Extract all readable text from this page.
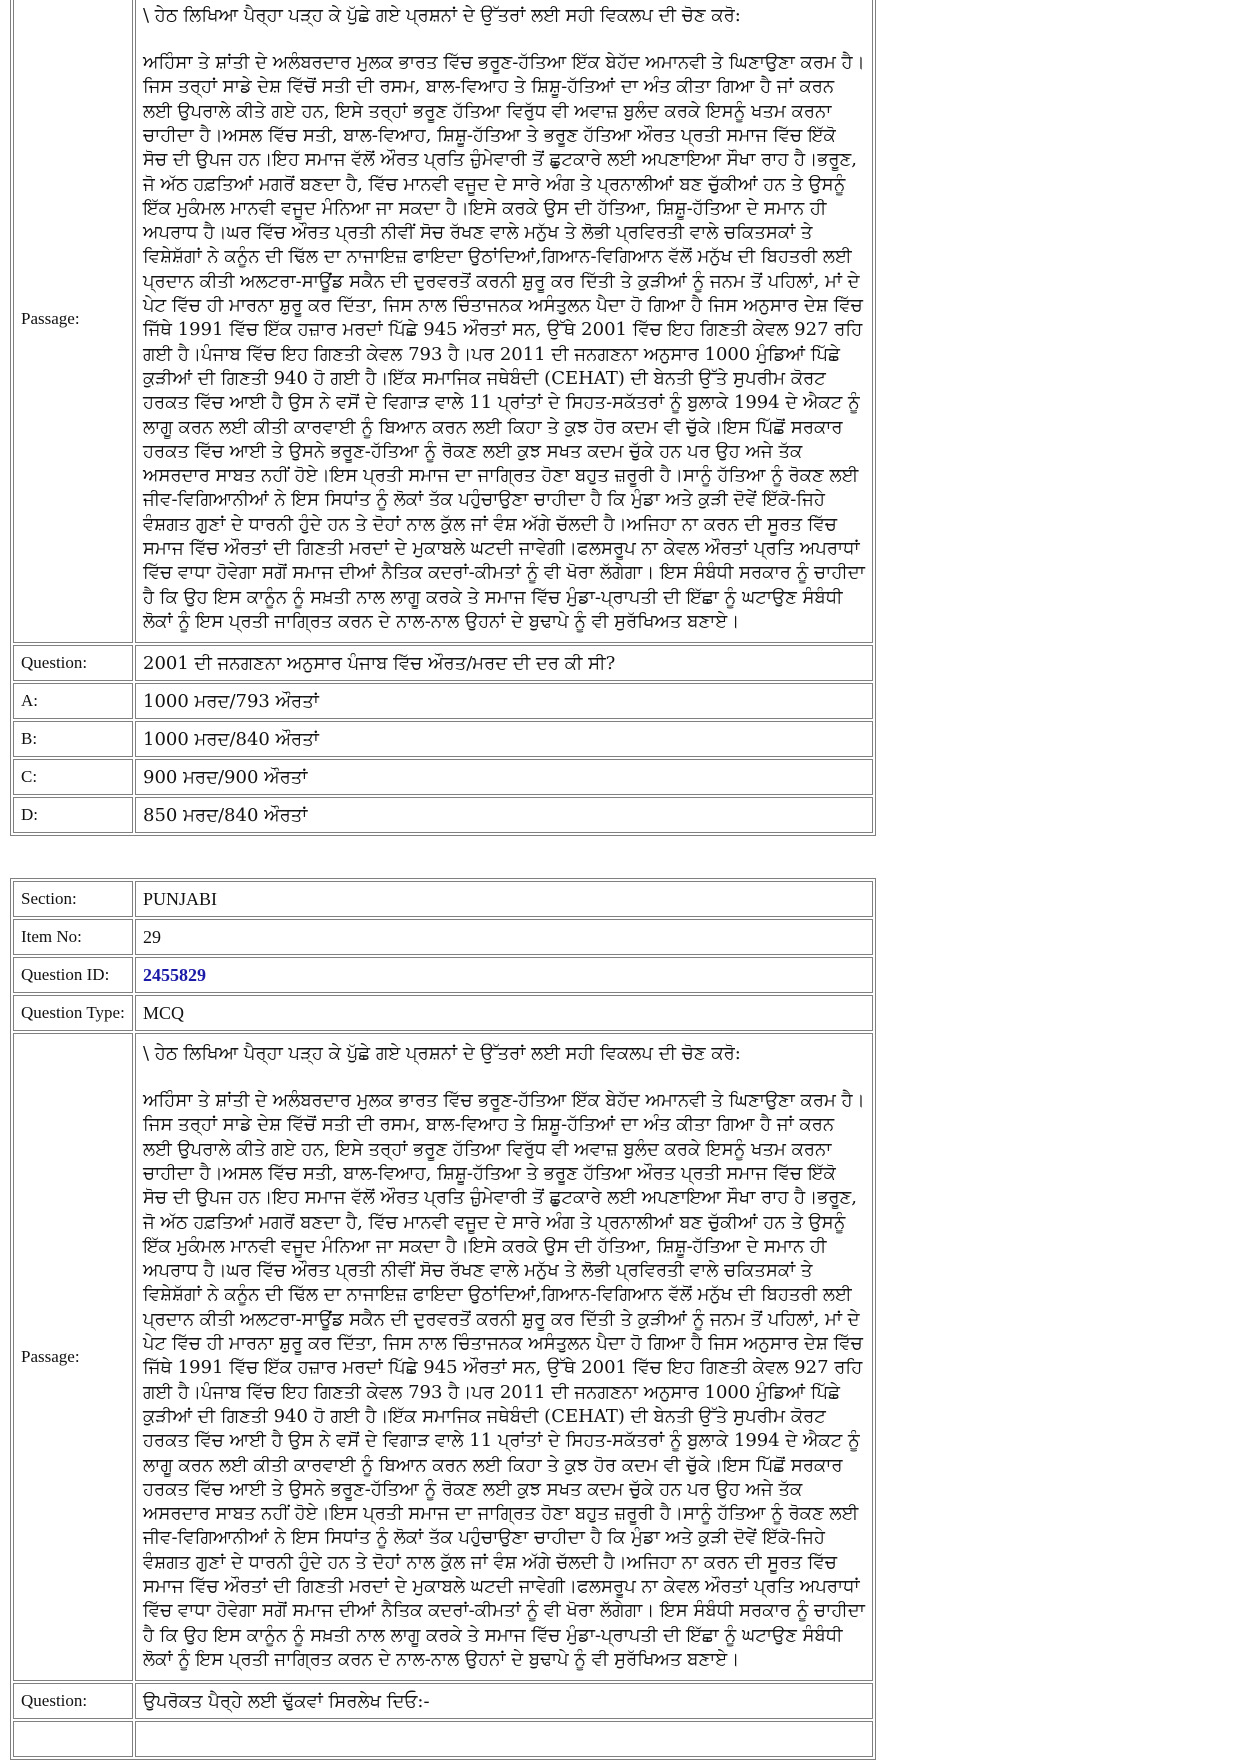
Passage:	\ ਹੇਠ ਲਿਖਿਆ ਪੈਰ੍ਹਾ ਪੜ੍ਹ ਕੇ ਪੁੱਛੇ ਗਏ ਪ੍ਰਸ਼ਨਾਂ ਦੇ ਉੱਤਰਾਂ ਲਈ ਸਹੀ ਵਿਕਲਪ ਦੀ ਚੋਣ ਕਰੋ:
ਅਹਿੰਸਾ ਤੇ ਸ਼ਾਂਤੀ ਦੇ ਅਲੰਬਰਦਾਰ ਮੁਲਕ ਭਾਰਤ ਵਿੱਚ ਭਰੂਣ-ਹੱਤਿਆ ਇੱਕ ਬੇਹੱਦ ਅਮਾਨਵੀ ਤੇ ਘਿਣਾਉਣਾ ਕਰਮ ਹੈ।ਜਿਸ ਤਰ੍ਹਾਂ ਸਾਡੇ ਦੇਸ਼ ਵਿੱਚੋਂ ਸਤੀ ਦੀ ਰਸਮ, ਬਾਲ-ਵਿਆਹ ਤੇ ਸ਼ਿਸ਼ੂ-ਹੱਤਿਆਂ ਦਾ ਅੰਤ ਕੀਤਾ ਗਿਆ ਹੈ ਜਾਂ ਕਰਨ ਲਈ ਉਪਰਾਲੇ ਕੀਤੇ ਗਏ ਹਨ, ਇਸੇ ਤਰ੍ਹਾਂ ਭਰੂਣ ਹੱਤਿਆ ਵਿਰੁੱਧ ਵੀ ਅਵਾਜ਼ ਬੁਲੰਦ ਕਰਕੇ ਇਸਨੂੰ ਖਤਮ ਕਰਨਾ ਚਾਹੀਦਾ ਹੈ।ਅਸਲ ਵਿੱਚ ਸਤੀ, ਬਾਲ-ਵਿਆਹ, ਸ਼ਿਸ਼ੂ-ਹੱਤਿਆ ਤੇ ਭਰੂਣ ਹੱਤਿਆ ਔਰਤ ਪ੍ਰਤੀ ਸਮਾਜ ਵਿੱਚ ਇੱਕੋ ਸੋਚ ਦੀ ਉਪਜ ਹਨ।ਇਹ ਸਮਾਜ ਵੱਲੋਂ ਔਰਤ ਪ੍ਰਤਿ ਜ਼ੁੰਮੇਵਾਰੀ ਤੋਂ ਛੁਟਕਾਰੇ ਲਈ ਅਪਣਾਇਆ ਸੌਖਾ ਰਾਹ ਹੈ।ਭਰੂਣ, ਜੋ ਅੱਠ ਹਫ਼ਤਿਆਂ ਮਗਰੋਂ ਬਣਦਾ ਹੈ, ਵਿੱਚ ਮਾਨਵੀ ਵਜੂਦ ਦੇ ਸਾਰੇ ਅੰਗ ਤੇ ਪ੍ਰਨਾਲੀਆਂ ਬਣ ਚੁੱਕੀਆਂ ਹਨ ਤੇ ਉਸਨੂੰ ਇੱਕ ਮੁਕੰਮਲ ਮਾਨਵੀ ਵਜੂਦ ਮੰਨਿਆ ਜਾ ਸਕਦਾ ਹੈ।ਇਸੇ ਕਰਕੇ ਉਸ ਦੀ ਹੱਤਿਆ, ਸ਼ਿਸ਼ੂ-ਹੱਤਿਆ ਦੇ ਸਮਾਨ ਹੀ ਅਪਰਾਧ ਹੈ।ਘਰ ਵਿੱਚ ਔਰਤ ਪ੍ਰਤੀ ਨੀਵੀਂ ਸੋਚ ਰੱਖਣ ਵਾਲੇ ਮਨੁੱਖ ਤੇ ਲੋਭੀ ਪ੍ਰਵਿਰਤੀ ਵਾਲੇ ਚਕਿਤਸਕਾਂ ਤੇ ਵਿਸ਼ੇਸ਼ੱਗਾਂ ਨੇ ਕਨੂੰਨ ਦੀ ਢਿੱਲ ਦਾ ਨਾਜਾਇਜ਼ ਫਾਇਦਾ ਉਠਾਂਦਿਆਂ,ਗਿਆਨ-ਵਿਗਿਆਨ ਵੱਲੋਂ ਮਨੁੱਖ ਦੀ ਬਿਹਤਰੀ ਲਈ ਪ੍ਰਦਾਨ ਕੀਤੀ ਅਲਟਰਾ-ਸਾਊਂਡ ਸਕੈਨ ਦੀ ਦੁਰਵਰਤੋਂ ਕਰਨੀ ਸ਼ੁਰੂ ਕਰ ਦਿੱਤੀ ਤੇ ਕੁੜੀਆਂ ਨੂੰ ਜਨਮ ਤੋਂ ਪਹਿਲਾਂ, ਮਾਂ ਦੇ ਪੇਟ ਵਿੱਚ ਹੀ ਮਾਰਨਾ ਸ਼ੁਰੂ ਕਰ ਦਿੱਤਾ, ਜਿਸ ਨਾਲ ਚਿੰਤਾਜਨਕ ਅਸੰਤੁਲਨ ਪੈਦਾ ਹੋ ਗਿਆ ਹੈ ਜਿਸ ਅਨੁਸਾਰ ਦੇਸ਼ ਵਿੱਚ ਜਿੱਥੇ 1991 ਵਿੱਚ ਇੱਕ ਹਜ਼ਾਰ ਮਰਦਾਂ ਪਿੱਛੇ 945 ਔਰਤਾਂ ਸਨ, ਉੱਥੇ 2001 ਵਿੱਚ ਇਹ ਗਿਣਤੀ ਕੇਵਲ 927 ਰਹਿ ਗਈ ਹੈ।ਪੰਜਾਬ ਵਿੱਚ ਇਹ ਗਿਣਤੀ ਕੇਵਲ 793 ਹੈ।ਪਰ 2011 ਦੀ ਜਨਗਣਨਾ ਅਨੁਸਾਰ 1000 ਮੁੰਡਿਆਂ ਪਿੱਛੇ ਕੁੜੀਆਂ ਦੀ ਗਿਣਤੀ 940 ਹੋ ਗਈ ਹੈ।ਇੱਕ ਸਮਾਜਿਕ ਜਥੇਬੰਦੀ (CEHAT) ਦੀ ਬੇਨਤੀ ਉੱਤੇ ਸੁਪਰੀਮ ਕੋਰਟ ਹਰਕਤ ਵਿੱਚ ਆਈ ਹੈ ਉਸ ਨੇ ਵਸੋਂ ਦੇ ਵਿਗਾੜ ਵਾਲੇ 11 ਪ੍ਰਾਂਤਾਂ ਦੇ ਸਿਹਤ-ਸਕੱਤਰਾਂ ਨੂੰ ਬੁਲਾਕੇ 1994 ਦੇ ਐਕਟ ਨੂੰ ਲਾਗੂ ਕਰਨ ਲਈ ਕੀਤੀ ਕਾਰਵਾਈ ਨੂੰ ਬਿਆਨ ਕਰਨ ਲਈ ਕਿਹਾ ਤੇ ਕੁਝ ਹੋਰ ਕਦਮ ਵੀ ਚੁੱਕੇ।ਇਸ ਪਿੱਛੋਂ ਸਰਕਾਰ ਹਰਕਤ ਵਿੱਚ ਆਈ ਤੇ ਉਸਨੇ ਭਰੂਣ-ਹੱਤਿਆ ਨੂੰ ਰੋਕਣ ਲਈ ਕੁਝ ਸਖਤ ਕਦਮ ਚੁੱਕੇ ਹਨ ਪਰ ਉਹ ਅਜੇ ਤੱਕ ਅਸਰਦਾਰ ਸਾਬਤ ਨਹੀਂ ਹੋਏ।ਇਸ ਪ੍ਰਤੀ ਸਮਾਜ ਦਾ ਜਾਗ੍ਰਿਤ ਹੋਣਾ ਬਹੁਤ ਜ਼ਰੂਰੀ ਹੈ।ਸਾਨੂੰ ਹੱਤਿਆ ਨੂੰ ਰੋਕਣ ਲਈ ਜੀਵ-ਵਿਗਿਆਨੀਆਂ ਨੇ ਇਸ ਸਿਧਾਂਤ ਨੂੰ ਲੋਕਾਂ ਤੱਕ ਪਹੁੰਚਾਉਣਾ ਚਾਹੀਦਾ ਹੈ ਕਿ ਮੁੰਡਾ ਅਤੇ ਕੁੜੀ ਦੋਵੇਂ ਇੱਕੋ-ਜਿਹੇ ਵੰਸ਼ਗਤ ਗੁਣਾਂ ਦੇ ਧਾਰਨੀ ਹੁੰਦੇ ਹਨ ਤੇ ਦੋਹਾਂ ਨਾਲ ਕੁੱਲ ਜਾਂ ਵੰਸ਼ ਅੱਗੇ ਚੱਲਦੀ ਹੈ।ਅਜਿਹਾ ਨਾ ਕਰਨ ਦੀ ਸੂਰਤ ਵਿੱਚ ਸਮਾਜ ਵਿੱਚ ਔਰਤਾਂ ਦੀ ਗਿਣਤੀ ਮਰਦਾਂ ਦੇ ਮੁਕਾਬਲੇ ਘਟਦੀ ਜਾਵੇਗੀ।ਫਲਸਰੂਪ ਨਾ ਕੇਵਲ ਔਰਤਾਂ ਪ੍ਰਤਿ ਅਪਰਾਧਾਂ ਵਿੱਚ ਵਾਧਾ ਹੋਵੇਗਾ ਸਗੋਂ ਸਮਾਜ ਦੀਆਂ ਨੈਤਿਕ ਕਦਰਾਂ-ਕੀਮਤਾਂ ਨੂੰ ਵੀ ਖੋਰਾ ਲੱਗੇਗਾ। ਇਸ ਸੰਬੰਧੀ ਸਰਕਾਰ ਨੂੰ ਚਾਹੀਦਾ ਹੈ ਕਿ ਉਹ ਇਸ ਕਾਨੂੰਨ ਨੂੰ ਸਖ਼ਤੀ ਨਾਲ ਲਾਗੂ ਕਰਕੇ ਤੇ ਸਮਾਜ ਵਿੱਚ ਮੁੰਡਾ-ਪ੍ਰਾਪਤੀ ਦੀ ਇੱਛਾ ਨੂੰ ਘਟਾਉਣ ਸੰਬੰਧੀ ਲੋਕਾਂ ਨੂੰ ਇਸ ਪ੍ਰਤੀ ਜਾਗ੍ਰਿਤ ਕਰਨ ਦੇ ਨਾਲ-ਨਾਲ ਉਹਨਾਂ ਦੇ ਬੁਢਾਪੇ ਨੂੰ ਵੀ ਸੁਰੱਖਿਅਤ ਬਣਾਏ।

Question:	2001 ਦੀ ਜਨਗਣਨਾ ਅਨੁਸਾਰ ਪੰਜਾਬ ਵਿੱਚ ਔਰਤ/ਮਰਦ ਦੀ ਦਰ ਕੀ ਸੀ?
A:	1000 ਮਰਦ/793 ਔਰਤਾਂ
B:	1000 ਮਰਦ/840 ਔਰਤਾਂ
C:	900 ਮਰਦ/900 ਔਰਤਾਂ
D:	850 ਮਰਦ/840 ਔਰਤਾਂ
Section:	PUNJABI
Item No:	29
Question ID:	2455829
Question Type:	MCQ
Passage:	\ ਹੇਠ ਲਿਖਿਆ ਪੈਰ੍ਹਾ ਪੜ੍ਹ ਕੇ ਪੁੱਛੇ ਗਏ ਪ੍ਰਸ਼ਨਾਂ ਦੇ ਉੱਤਰਾਂ ਲਈ ਸਹੀ ਵਿਕਲਪ ਦੀ ਚੋਣ ਕਰੋ:
ਅਹਿੰਸਾ ਤੇ ਸ਼ਾਂਤੀ ਦੇ ਅਲੰਬਰਦਾਰ ਮੁਲਕ ਭਾਰਤ ਵਿੱਚ ਭਰੂਣ-ਹੱਤਿਆ ਇੱਕ ਬੇਹੱਦ ਅਮਾਨਵੀ ਤੇ ਘਿਣਾਉਣਾ ਕਰਮ ਹੈ।ਜਿਸ ਤਰ੍ਹਾਂ ਸਾਡੇ ਦੇਸ਼ ਵਿੱਚੋਂ ਸਤੀ ਦੀ ਰਸਮ, ਬਾਲ-ਵਿਆਹ ਤੇ ਸ਼ਿਸ਼ੂ-ਹੱਤਿਆਂ ਦਾ ਅੰਤ ਕੀਤਾ ਗਿਆ ਹੈ ਜਾਂ ਕਰਨ ਲਈ ਉਪਰਾਲੇ ਕੀਤੇ ਗਏ ਹਨ, ਇਸੇ ਤਰ੍ਹਾਂ ਭਰੂਣ ਹੱਤਿਆ ਵਿਰੁੱਧ ਵੀ ਅਵਾਜ਼ ਬੁਲੰਦ ਕਰਕੇ ਇਸਨੂੰ ਖਤਮ ਕਰਨਾ ਚਾਹੀਦਾ ਹੈ।ਅਸਲ ਵਿੱਚ ਸਤੀ, ਬਾਲ-ਵਿਆਹ, ਸ਼ਿਸ਼ੂ-ਹੱਤਿਆ ਤੇ ਭਰੂਣ ਹੱਤਿਆ ਔਰਤ ਪ੍ਰਤੀ ਸਮਾਜ ਵਿੱਚ ਇੱਕੋ ਸੋਚ ਦੀ ਉਪਜ ਹਨ।ਇਹ ਸਮਾਜ ਵੱਲੋਂ ਔਰਤ ਪ੍ਰਤਿ ਜ਼ੁੰਮੇਵਾਰੀ ਤੋਂ ਛੁਟਕਾਰੇ ਲਈ ਅਪਣਾਇਆ ਸੌਖਾ ਰਾਹ ਹੈ।ਭਰੂਣ, ਜੋ ਅੱਠ ਹਫ਼ਤਿਆਂ ਮਗਰੋਂ ਬਣਦਾ ਹੈ, ਵਿੱਚ ਮਾਨਵੀ ਵਜੂਦ ਦੇ ਸਾਰੇ ਅੰਗ ਤੇ ਪ੍ਰਨਾਲੀਆਂ ਬਣ ਚੁੱਕੀਆਂ ਹਨ ਤੇ ਉਸਨੂੰ ਇੱਕ ਮੁਕੰਮਲ ਮਾਨਵੀ ਵਜੂਦ ਮੰਨਿਆ ਜਾ ਸਕਦਾ ਹੈ।ਇਸੇ ਕਰਕੇ ਉਸ ਦੀ ਹੱਤਿਆ, ਸ਼ਿਸ਼ੂ-ਹੱਤਿਆ ਦੇ ਸਮਾਨ ਹੀ ਅਪਰਾਧ ਹੈ।ਘਰ ਵਿੱਚ ਔਰਤ ਪ੍ਰਤੀ ਨੀਵੀਂ ਸੋਚ ਰੱਖਣ ਵਾਲੇ ਮਨੁੱਖ ਤੇ ਲੋਭੀ ਪ੍ਰਵਿਰਤੀ ਵਾਲੇ ਚਕਿਤਸਕਾਂ ਤੇ ਵਿਸ਼ੇਸ਼ੱਗਾਂ ਨੇ ਕਨੂੰਨ ਦੀ ਢਿੱਲ ਦਾ ਨਾਜਾਇਜ਼ ਫਾਇਦਾ ਉਠਾਂਦਿਆਂ,ਗਿਆਨ-ਵਿਗਿਆਨ ਵੱਲੋਂ ਮਨੁੱਖ ਦੀ ਬਿਹਤਰੀ ਲਈ ਪ੍ਰਦਾਨ ਕੀਤੀ ਅਲਟਰਾ-ਸਾਊਂਡ ਸਕੈਨ ਦੀ ਦੁਰਵਰਤੋਂ ਕਰਨੀ ਸ਼ੁਰੂ ਕਰ ਦਿੱਤੀ ਤੇ ਕੁੜੀਆਂ ਨੂੰ ਜਨਮ ਤੋਂ ਪਹਿਲਾਂ, ਮਾਂ ਦੇ ਪੇਟ ਵਿੱਚ ਹੀ ਮਾਰਨਾ ਸ਼ੁਰੂ ਕਰ ਦਿੱਤਾ, ਜਿਸ ਨਾਲ ਚਿੰਤਾਜਨਕ ਅਸੰਤੁਲਨ ਪੈਦਾ ਹੋ ਗਿਆ ਹੈ ਜਿਸ ਅਨੁਸਾਰ ਦੇਸ਼ ਵਿੱਚ ਜਿੱਥੇ 1991 ਵਿੱਚ ਇੱਕ ਹਜ਼ਾਰ ਮਰਦਾਂ ਪਿੱਛੇ 945 ਔਰਤਾਂ ਸਨ, ਉੱਥੇ 2001 ਵਿੱਚ ਇਹ ਗਿਣਤੀ ਕੇਵਲ 927 ਰਹਿ ਗਈ ਹੈ।ਪੰਜਾਬ ਵਿੱਚ ਇਹ ਗਿਣਤੀ ਕੇਵਲ 793 ਹੈ।ਪਰ 2011 ਦੀ ਜਨਗਣਨਾ ਅਨੁਸਾਰ 1000 ਮੁੰਡਿਆਂ ਪਿੱਛੇ ਕੁੜੀਆਂ ਦੀ ਗਿਣਤੀ 940 ਹੋ ਗਈ ਹੈ।ਇੱਕ ਸਮਾਜਿਕ ਜਥੇਬੰਦੀ (CEHAT) ਦੀ ਬੇਨਤੀ ਉੱਤੇ ਸੁਪਰੀਮ ਕੋਰਟ ਹਰਕਤ ਵਿੱਚ ਆਈ ਹੈ ਉਸ ਨੇ ਵਸੋਂ ਦੇ ਵਿਗਾੜ ਵਾਲੇ 11 ਪ੍ਰਾਂਤਾਂ ਦੇ ਸਿਹਤ-ਸਕੱਤਰਾਂ ਨੂੰ ਬੁਲਾਕੇ 1994 ਦੇ ਐਕਟ ਨੂੰ ਲਾਗੂ ਕਰਨ ਲਈ ਕੀਤੀ ਕਾਰਵਾਈ ਨੂੰ ਬਿਆਨ ਕਰਨ ਲਈ ਕਿਹਾ ਤੇ ਕੁਝ ਹੋਰ ਕਦਮ ਵੀ ਚੁੱਕੇ।ਇਸ ਪਿੱਛੋਂ ਸਰਕਾਰ ਹਰਕਤ ਵਿੱਚ ਆਈ ਤੇ ਉਸਨੇ ਭਰੂਣ-ਹੱਤਿਆ ਨੂੰ ਰੋਕਣ ਲਈ ਕੁਝ ਸਖਤ ਕਦਮ ਚੁੱਕੇ ਹਨ ਪਰ ਉਹ ਅਜੇ ਤੱਕ ਅਸਰਦਾਰ ਸਾਬਤ ਨਹੀਂ ਹੋਏ।ਇਸ ਪ੍ਰਤੀ ਸਮਾਜ ਦਾ ਜਾਗ੍ਰਿਤ ਹੋਣਾ ਬਹੁਤ ਜ਼ਰੂਰੀ ਹੈ।ਸਾਨੂੰ ਹੱਤਿਆ ਨੂੰ ਰੋਕਣ ਲਈ ਜੀਵ-ਵਿਗਿਆਨੀਆਂ ਨੇ ਇਸ ਸਿਧਾਂਤ ਨੂੰ ਲੋਕਾਂ ਤੱਕ ਪਹੁੰਚਾਉਣਾ ਚਾਹੀਦਾ ਹੈ ਕਿ ਮੁੰਡਾ ਅਤੇ ਕੁੜੀ ਦੋਵੇਂ ਇੱਕੋ-ਜਿਹੇ ਵੰਸ਼ਗਤ ਗੁਣਾਂ ਦੇ ਧਾਰਨੀ ਹੁੰਦੇ ਹਨ ਤੇ ਦੋਹਾਂ ਨਾਲ ਕੁੱਲ ਜਾਂ ਵੰਸ਼ ਅੱਗੇ ਚੱਲਦੀ ਹੈ।ਅਜਿਹਾ ਨਾ ਕਰਨ ਦੀ ਸੂਰਤ ਵਿੱਚ ਸਮਾਜ ਵਿੱਚ ਔਰਤਾਂ ਦੀ ਗਿਣਤੀ ਮਰਦਾਂ ਦੇ ਮੁਕਾਬਲੇ ਘਟਦੀ ਜਾਵੇਗੀ।ਫਲਸਰੂਪ ਨਾ ਕੇਵਲ ਔਰਤਾਂ ਪ੍ਰਤਿ ਅਪਰਾਧਾਂ ਵਿੱਚ ਵਾਧਾ ਹੋਵੇਗਾ ਸਗੋਂ ਸਮਾਜ ਦੀਆਂ ਨੈਤਿਕ ਕਦਰਾਂ-ਕੀਮਤਾਂ ਨੂੰ ਵੀ ਖੋਰਾ ਲੱਗੇਗਾ। ਇਸ ਸੰਬੰਧੀ ਸਰਕਾਰ ਨੂੰ ਚਾਹੀਦਾ ਹੈ ਕਿ ਉਹ ਇਸ ਕਾਨੂੰਨ ਨੂੰ ਸਖ਼ਤੀ ਨਾਲ ਲਾਗੂ ਕਰਕੇ ਤੇ ਸਮਾਜ ਵਿੱਚ ਮੁੰਡਾ-ਪ੍ਰਾਪਤੀ ਦੀ ਇੱਛਾ ਨੂੰ ਘਟਾਉਣ ਸੰਬੰਧੀ ਲੋਕਾਂ ਨੂੰ ਇਸ ਪ੍ਰਤੀ ਜਾਗ੍ਰਿਤ ਕਰਨ ਦੇ ਨਾਲ-ਨਾਲ ਉਹਨਾਂ ਦੇ ਬੁਢਾਪੇ ਨੂੰ ਵੀ ਸੁਰੱਖਿਅਤ ਬਣਾਏ।

Question:	ਉਪਰੋਕਤ ਪੈਰ੍ਹੇ ਲਈ ਢੁੱਕਵਾਂ ਸਿਰਲੇਖ ਦਿਓ:-
